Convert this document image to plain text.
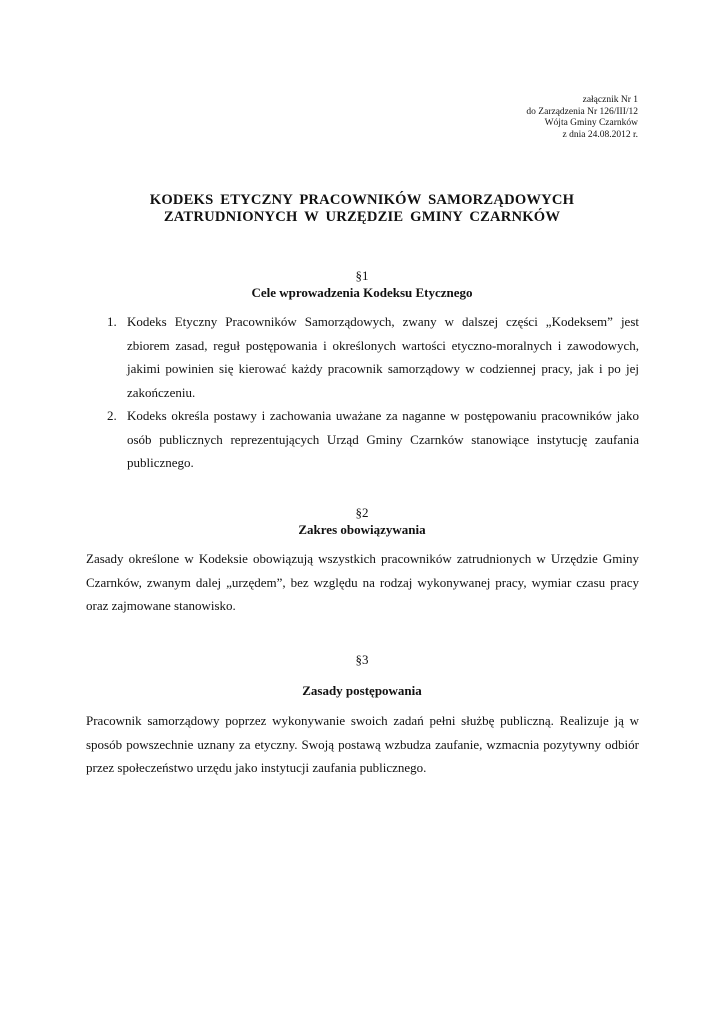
załącznik Nr 1
do Zarządzenia Nr 126/III/12
Wójta Gminy Czarnków
z dnia 24.08.2012 r.
KODEKS ETYCZNY PRACOWNIKÓW SAMORZĄDOWYCH
ZATRUDNIONYCH W URZĘDZIE GMINY CZARNKÓW
§1
Cele wprowadzenia Kodeksu Etycznego
1. Kodeks Etyczny Pracowników Samorządowych, zwany w dalszej części „Kodeksem” jest zbiorem zasad, reguł postępowania i określonych wartości etyczno-moralnych i zawodowych, jakimi powinien się kierować każdy pracownik samorządowy w codziennej pracy, jak i po jej zakończeniu.
2. Kodeks określa postawy i zachowania uważane za naganne w postępowaniu pracowników jako osób publicznych reprezentujących Urząd Gminy Czarnków stanowiące instytucję zaufania publicznego.
§2
Zakres obowiązywania

Zasady określone w Kodeksie obowiązują wszystkich pracowników zatrudnionych w Urzędzie Gminy Czarnków, zwanym dalej „urzędem”, bez względu na rodzaj wykonywanej pracy, wymiar czasu pracy oraz zajmowane stanowisko.

§3
Zasady postępowania

Pracownik samorządowy poprzez wykonywanie swoich zadań pełni służbę publiczną. Realizuje ją w sposób powszechnie uznany za etyczny. Swoją postawą wzbudza zaufanie, wzmacnia pozytywny odbiór przez społeczeństwo urzędu jako instytucji zaufania publicznego.
